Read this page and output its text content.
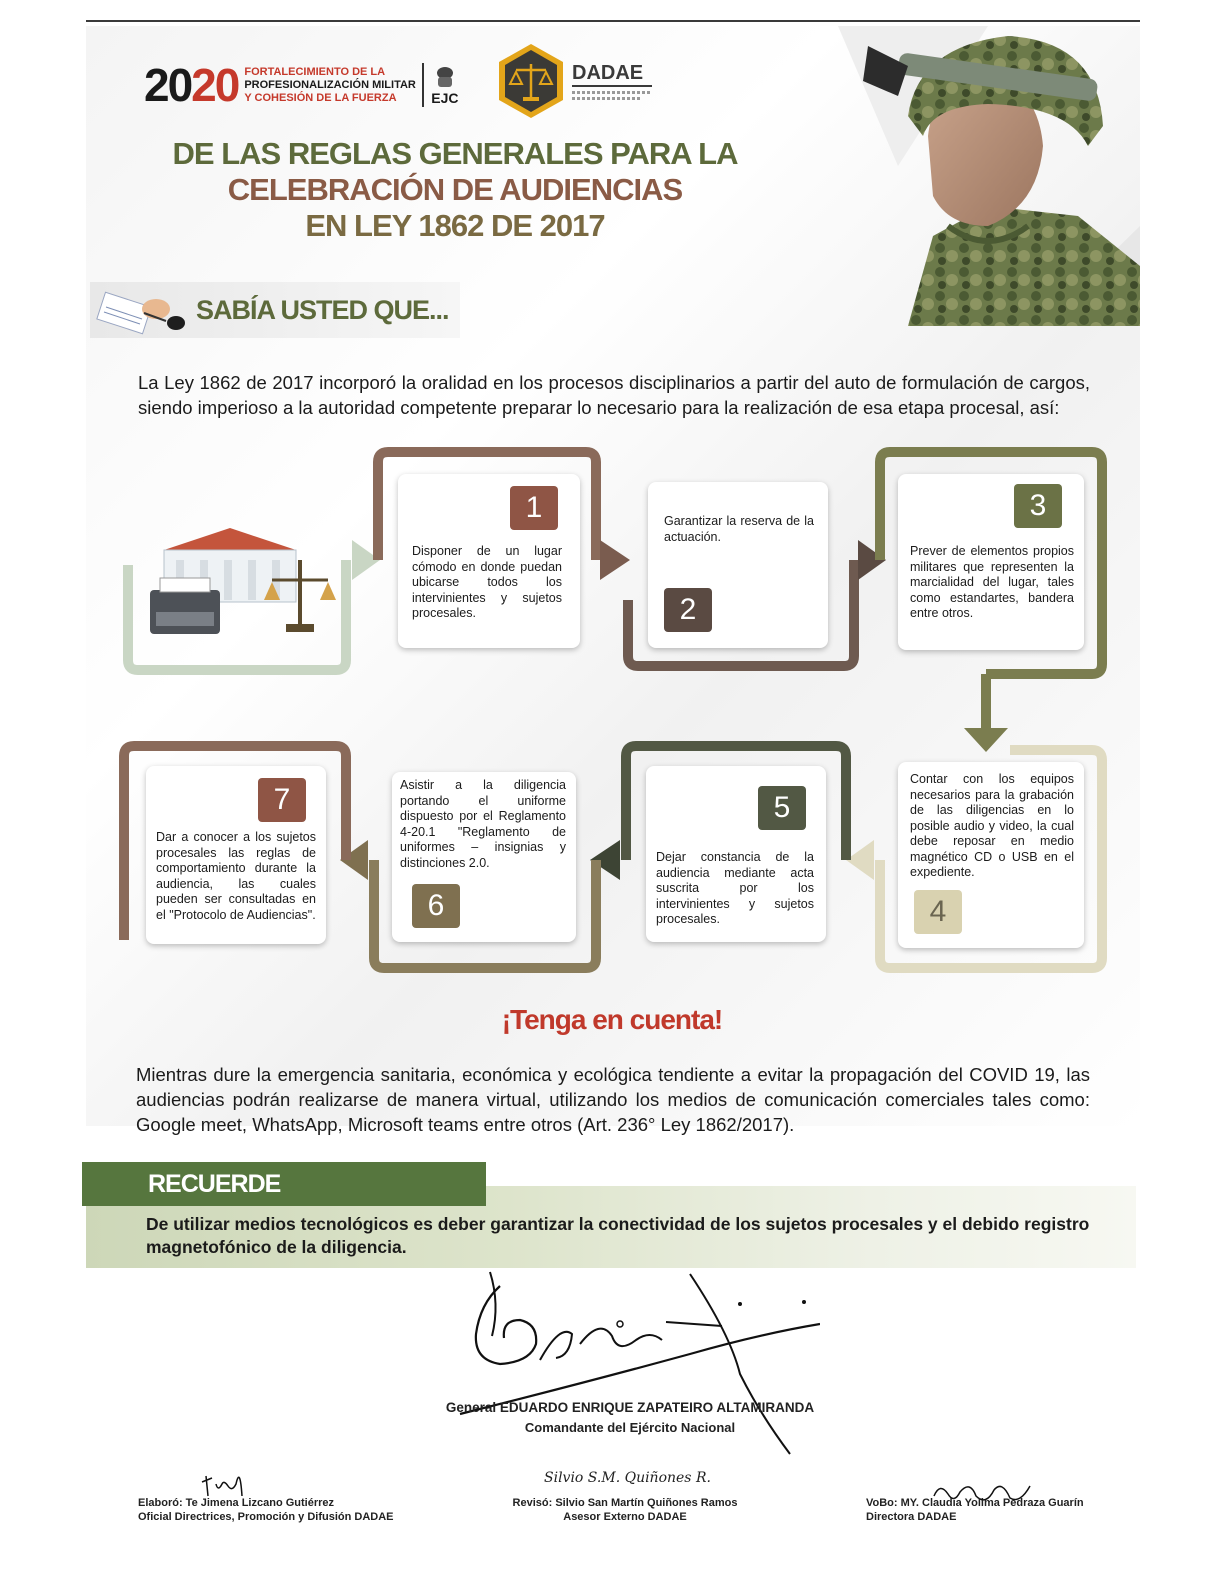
20 20 FORTALECIMIENTO DE LA
PROFESIONALIZACIÓN MILITAR
Y COHESIÓN DE LA FUERZA	EJC
DADAE
DE LAS REGLAS GENERALES PARA LA
CELEBRACIÓN DE AUDIENCIAS
EN LEY 1862 DE 2017
SABÍA USTED QUE...

La Ley 1862 de 2017 incorporó la oralidad en los procesos disciplinarios a partir del auto de formulación de cargos, siendo imperioso a la autoridad competente preparar lo necesario para la realización de esa etapa procesal, así:

1

Disponer de un lugar cómodo en donde puedan ubicarse todos los intervinientes y sujetos procesales.

Garantizar la reserva de la actuación.

2
3

Prever de elementos propios militares que representen la marcialidad del lugar, tales como estandartes, bandera entre otros.

Contar con los equipos necesarios para la grabación de las diligencias en lo posible audio y video, la cual debe reposar en medio magnético CD o USB en el expediente.

4
5

Dejar constancia de la audiencia mediante acta suscrita por los intervinientes y sujetos procesales.

Asistir a la diligencia portando el uniforme dispuesto por el Reglamento 4-20.1 "Reglamento de uniformes – insignias y distinciones 2.0.

6
7

Dar a conocer a los sujetos procesales las reglas de comportamiento durante la audiencia, las cuales pueden ser consultadas en el "Protocolo de Audiencias".

¡Tenga en cuenta!

Mientras dure la emergencia sanitaria, económica y ecológica tendiente a evitar la propagación del COVID 19, las audiencias podrán realizarse de manera virtual, utilizando los medios de comunicación comerciales tales como: Google meet, WhatsApp, Microsoft teams entre otros (Art. 236° Ley 1862/2017).

RECUERDE

De utilizar medios tecnológicos es deber garantizar la conectividad de los sujetos procesales y el debido registro magnetofónico de la diligencia.

General EDUARDO ENRIQUE ZAPATEIRO ALTAMIRANDA
Comandante del Ejército Nacional
Elaboró: Te Jimena Lizcano Gutiérrez
Oficial Directrices, Promoción y Difusión DADAE
Silvio S.M. Quiñones R.
Revisó: Silvio San Martín Quiñones Ramos
Asesor Externo DADAE
VoBo: MY. Claudia Yolima Pedraza Guarín
Directora DADAE
